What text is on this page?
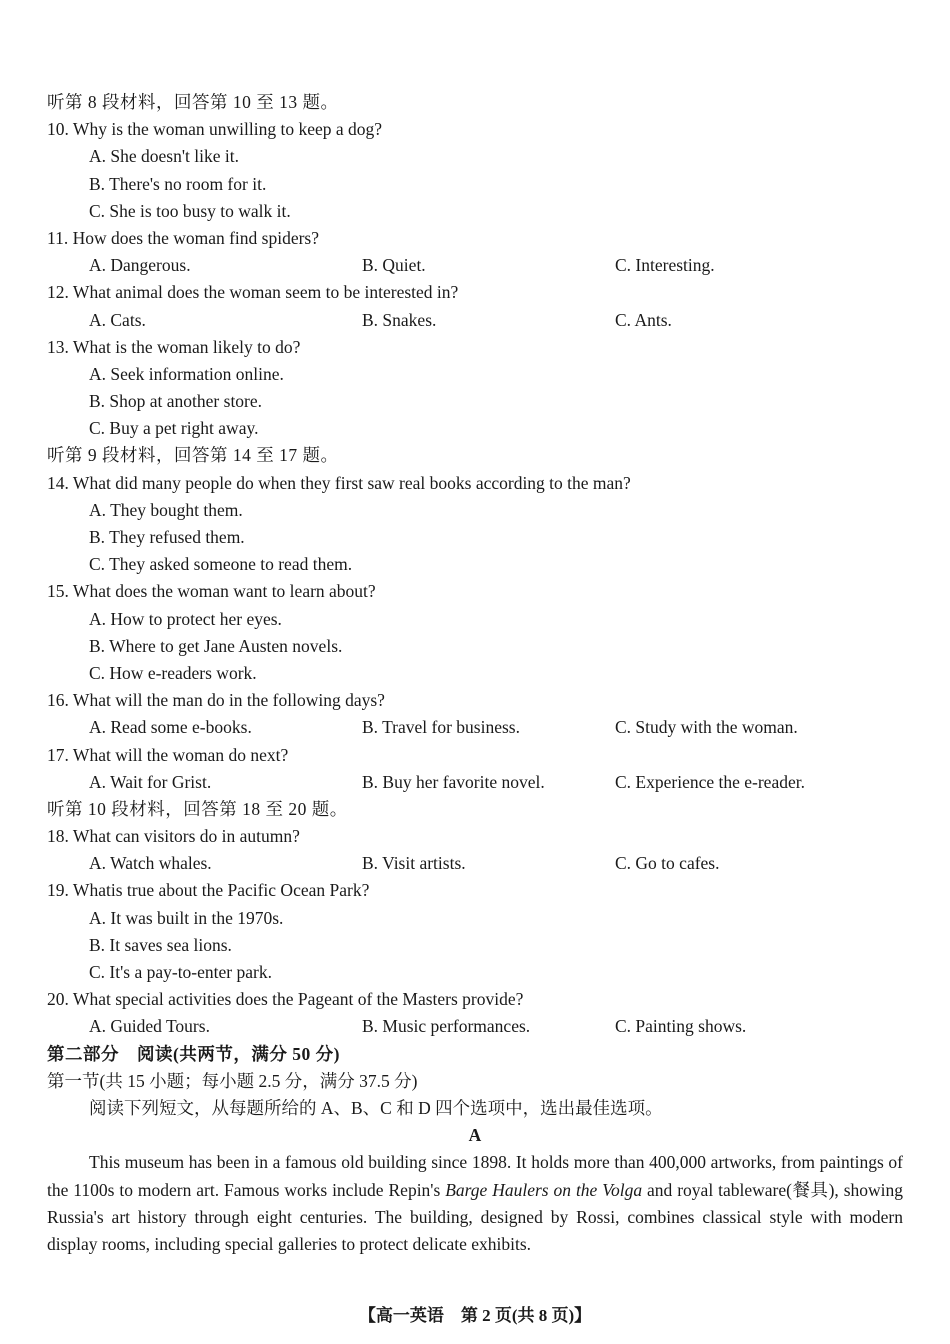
听第 8 段材料，回答第 10 至 13 题。
10. Why is the woman unwilling to keep a dog?
A. She doesn't like it.
B. There's no room for it.
C. She is too busy to walk it.
11. How does the woman find spiders?
A. Dangerous.	B. Quiet.	C. Interesting.
12. What animal does the woman seem to be interested in?
A. Cats.	B. Snakes.	C. Ants.
13. What is the woman likely to do?
A. Seek information online.
B. Shop at another store.
C. Buy a pet right away.
听第 9 段材料，回答第 14 至 17 题。
14. What did many people do when they first saw real books according to the man?
A. They bought them.
B. They refused them.
C. They asked someone to read them.
15. What does the woman want to learn about?
A. How to protect her eyes.
B. Where to get Jane Austen novels.
C. How e-readers work.
16. What will the man do in the following days?
A. Read some e-books.	B. Travel for business.	C. Study with the woman.
17. What will the woman do next?
A. Wait for Grist.	B. Buy her favorite novel.	C. Experience the e-reader.
听第 10 段材料，回答第 18 至 20 题。
18. What can visitors do in autumn?
A. Watch whales.	B. Visit artists.	C. Go to cafes.
19. Whatis true about the Pacific Ocean Park?
A. It was built in the 1970s.
B. It saves sea lions.
C. It's a pay-to-enter park.
20. What special activities does the Pageant of the Masters provide?
A. Guided Tours.	B. Music performances.	C. Painting shows.
第二部分　阅读(共两节，满分 50 分)
第一节(共 15 小题；每小题 2.5 分，满分 37.5 分)
阅读下列短文，从每题所给的 A、B、C 和 D 四个选项中，选出最佳选项。
A

This museum has been in a famous old building since 1898. It holds more than 400,000 artworks, from paintings of the 1100s to modern art. Famous works include Repin's Barge Haulers on the Volga and royal tableware(餐具), showing Russia's art history through eight centuries. The building, designed by Rossi, combines classical style with modern display rooms, including special galleries to protect delicate exhibits.

【高一英语　第 2 页(共 8 页)】
